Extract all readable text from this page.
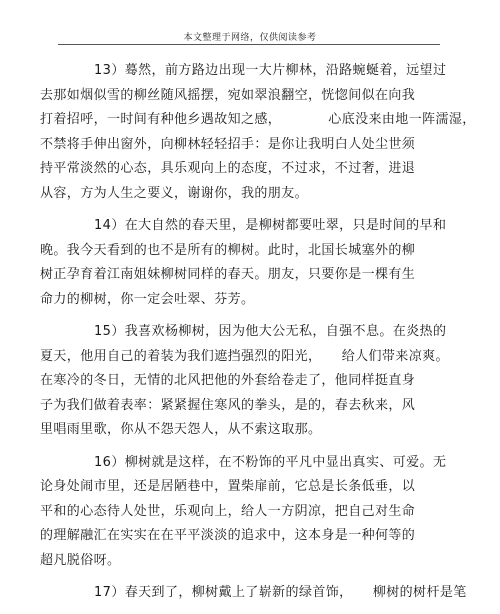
本文整理于网络，仅供阅读参考
13）蓦然，前方路边出现一大片柳林，沿路蜿蜒着，远望过
去那如烟似雪的柳丝随风摇摆，宛如翠浪翻空，恍惚间似在向我
打着招呼，一时间有种他乡遇故知之感，　　　　心底没来由地一阵濡湿，
不禁将手伸出窗外，向柳林轻轻招手：是你让我明白人处尘世须
持平常淡然的心态，具乐观向上的态度，不过求，不过奢，进退
从容，方为人生之要义，谢谢你，我的朋友。
14）在大自然的春天里，是柳树都要吐翠，只是时间的早和
晚。我今天看到的也不是所有的柳树。此时，北国长城塞外的柳
树正孕育着江南姐妹柳树同样的春天。朋友，只要你是一棵有生
命力的柳树，你一定会吐翠、芬芳。
15）我喜欢杨柳树，因为他大公无私，自强不息。在炎热的
夏天，他用自己的着装为我们遮挡强烈的阳光，　　给人们带来凉爽。
在寒冷的冬日，无情的北风把他的外套给卷走了，他同样挺直身
子为我们做着表率：紧紧握住寒风的拳头，是的，春去秋来，风
里唱雨里歌，你从不怨天怨人，从不索这取那。
16）柳树就是这样，在不粉饰的平凡中显出真实、可爱。无
论身处闹市里，还是居陋巷中，置柴扉前，它总是长条低垂，以
平和的心态待人处世，乐观向上，给人一方阴凉，把自己对生命
的理解融汇在实实在在平平淡淡的追求中，这本身是一种何等的
超凡脱俗呀。
17）春天到了，柳树戴上了崭新的绿首饰，　　柳树的树杆是笔
